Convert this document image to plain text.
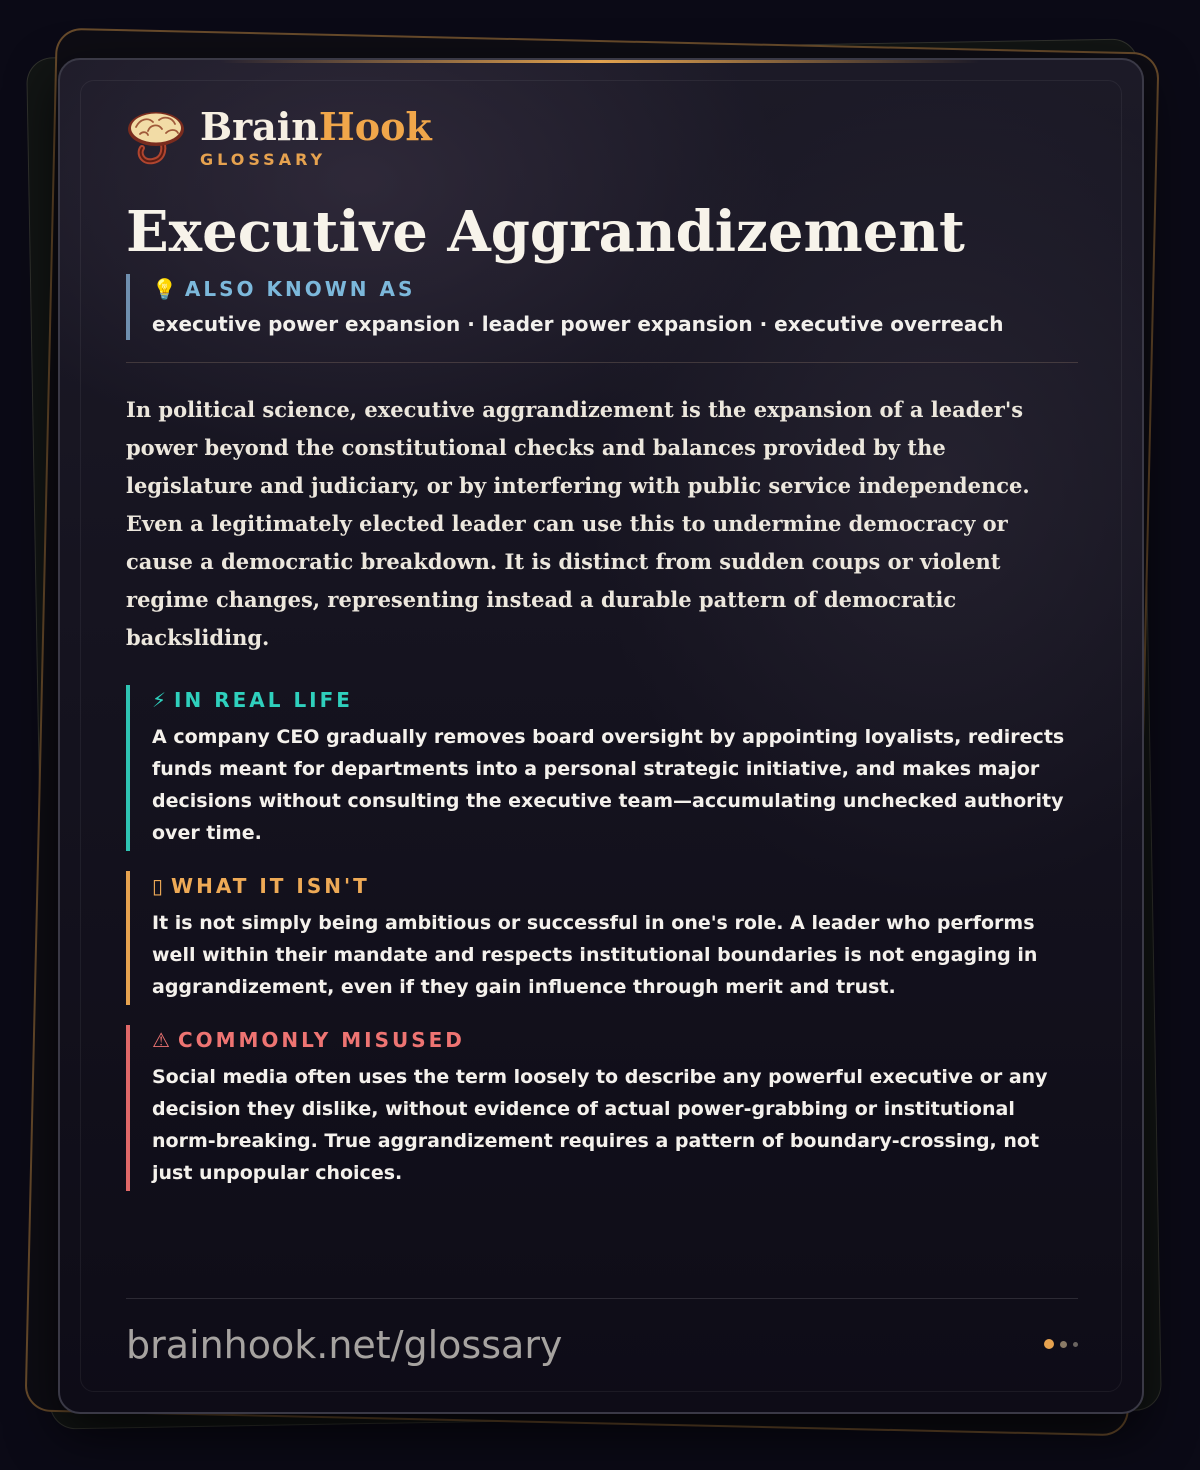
BrainHook
GLOSSARY
Executive Aggrandizement
💡 ALSO KNOWN AS
executive power expansion · leader power expansion · executive overreach

In political science, executive aggrandizement is the expansion of a leader's power beyond the constitutional checks and balances provided by the legislature and judiciary, or by interfering with public service independence. Even a legitimately elected leader can use this to undermine democracy or cause a democratic breakdown. It is distinct from sudden coups or violent regime changes, representing instead a durable pattern of democratic backsliding.

⚡ IN REAL LIFE
A company CEO gradually removes board oversight by appointing loyalists, redirects funds meant for departments into a personal strategic initiative, and makes major decisions without consulting the executive team—accumulating unchecked authority over time.
▯ WHAT IT ISN'T
It is not simply being ambitious or successful in one's role. A leader who performs well within their mandate and respects institutional boundaries is not engaging in aggrandizement, even if they gain influence through merit and trust.
⚠ COMMONLY MISUSED
Social media often uses the term loosely to describe any powerful executive or any decision they dislike, without evidence of actual power-grabbing or institutional norm-breaking. True aggrandizement requires a pattern of boundary-crossing, not just unpopular choices.
brainhook.net/glossary
